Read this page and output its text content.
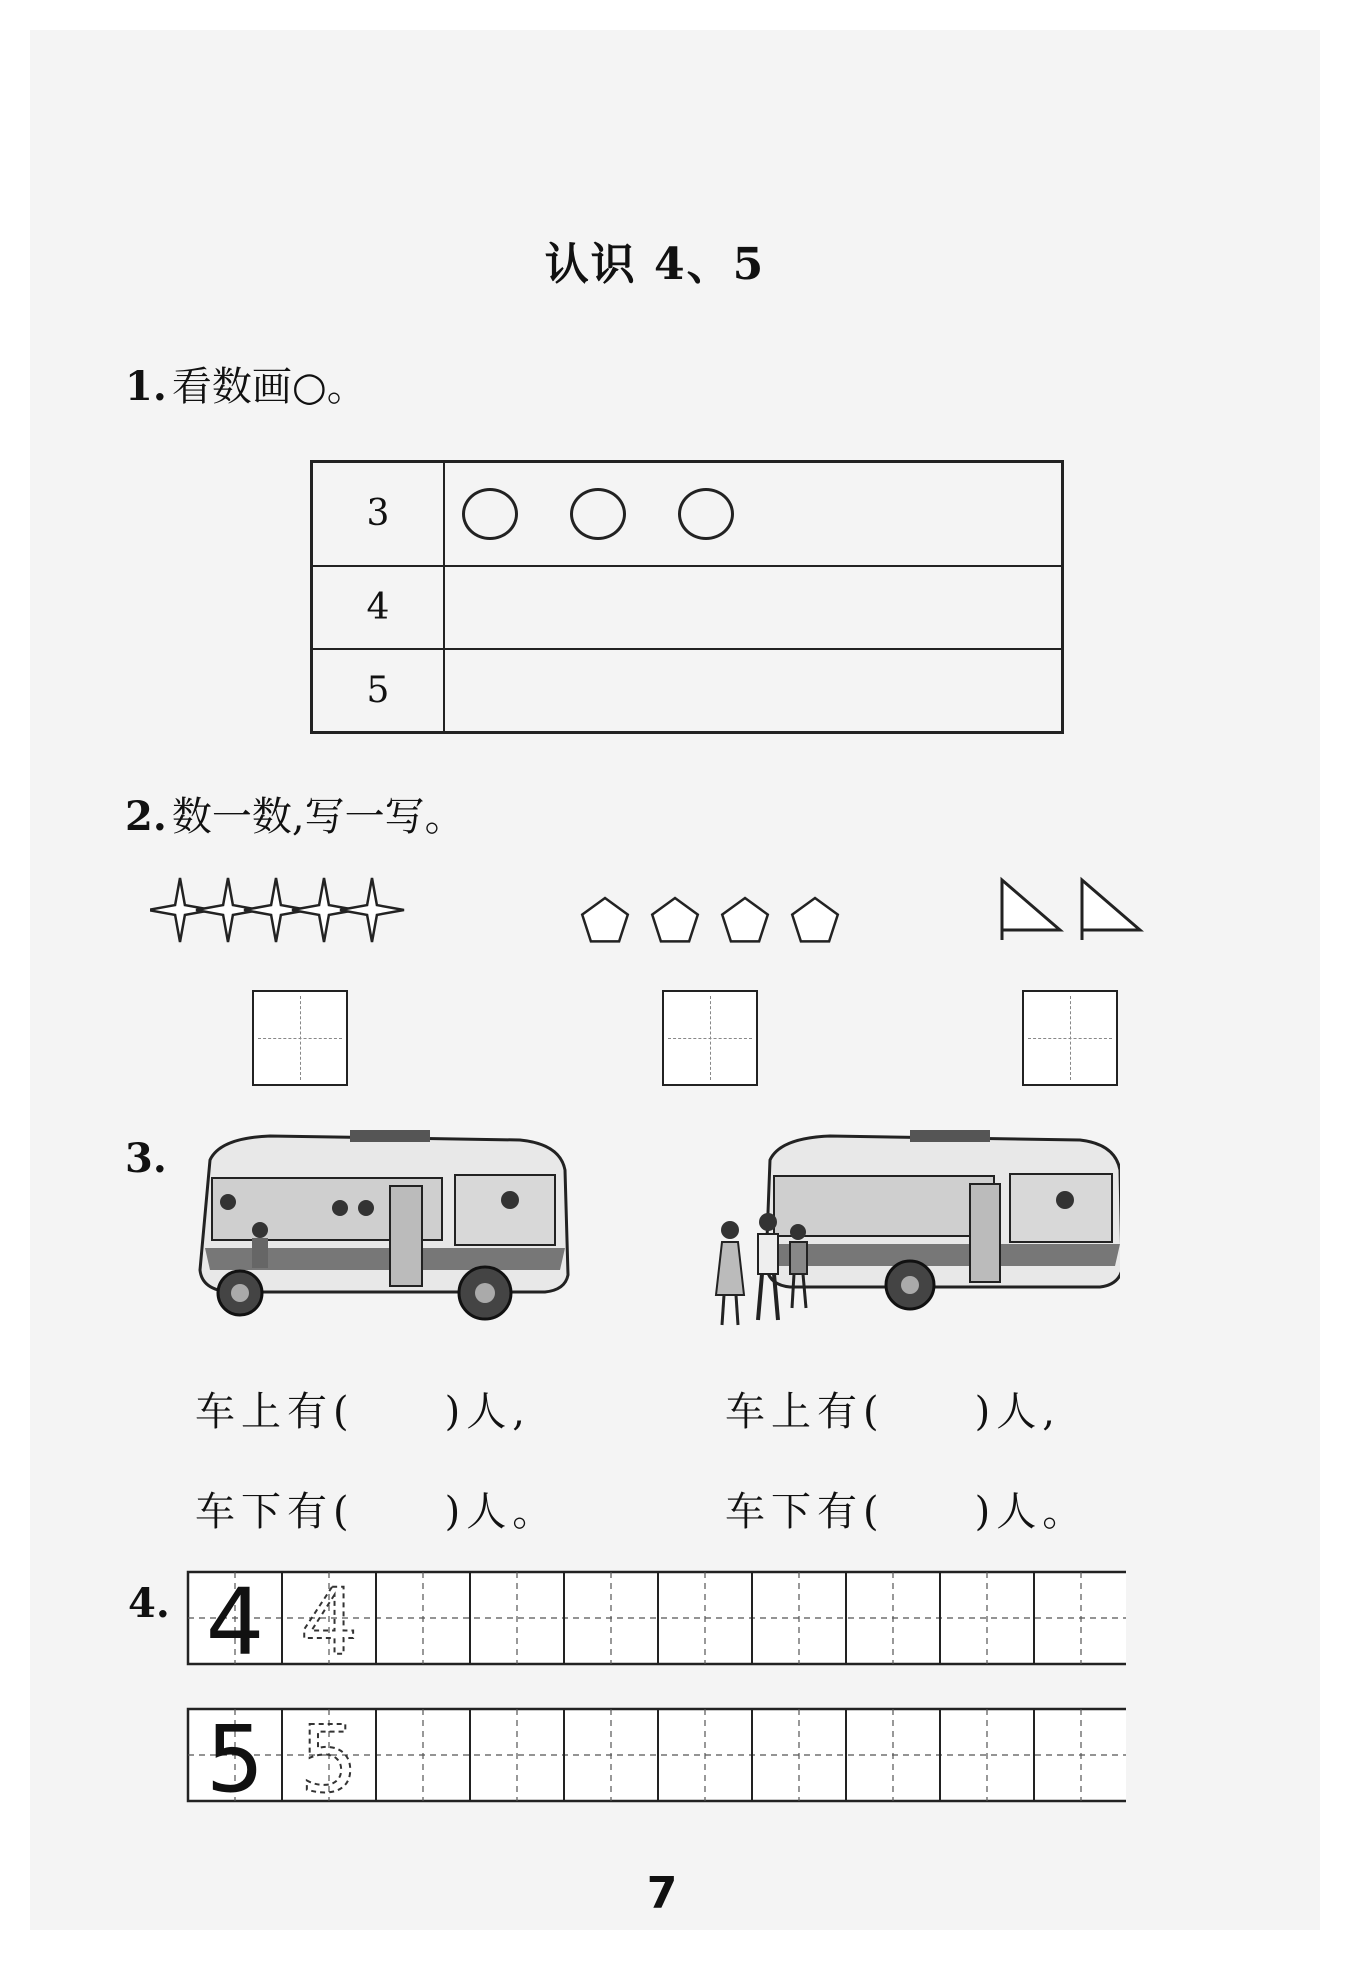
认识 4、5
1. 看数画○。
3	

4	

5	
2. 数一数,写一写。
3.
车上有( )人,
车下有( )人。
车上有( )人,
车下有( )人。
4. 4 4
5 5
7
